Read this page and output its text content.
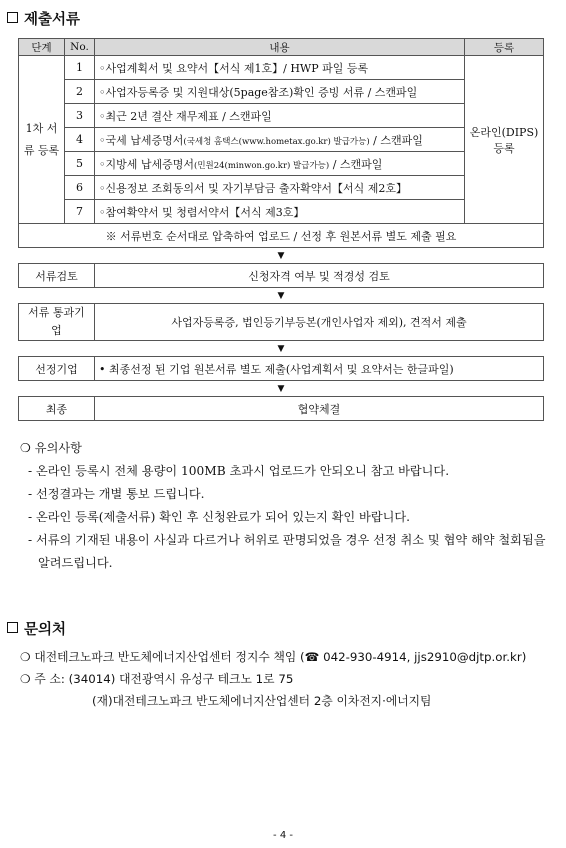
제출서류
단계	No.	내용	등록
1차 서류 등록	1	◦사업계획서 및 요약서【서식 제1호】/ HWP 파일 등록	온라인(DIPS) 등록
	2	◦사업자등록증 및 지원대상(5page참조)확인 증빙 서류 / 스캔파일	
	3	◦최근 2년 결산 재무제표 / 스캔파일	
	4	◦국세 납세증명서(국세청 홈택스(www.hometax.go.kr) 발급가능) / 스캔파일	
	5	◦지방세 납세증명서(민원24(minwon.go.kr) 발급가능) / 스캔파일	
	6	◦신용정보 조회동의서 및 자기부담금 출자확약서【서식 제2호】	
	7	◦참여확약서 및 청렴서약서【서식 제3호】	
※ 서류번호 순서대로 압축하여 업로드 / 선정 후 원본서류 별도 제출 필요			
▼			
서류검토		신청자격 여부 및 적경성 검토	
▼			
서류 통과기업		사업자등록증, 법인등기부등본(개인사업자 제외), 견적서 제출	
▼			
선정기업		• 최종선정 된 기업 원본서류 별도 제출(사업계획서 및 요약서는 한글파일)	
▼			
최종		협약체결	
❍ 유의사항
- 온라인 등록시 전체 용량이 100MB 초과시 업로드가 안되오니 참고 바랍니다.
- 선정결과는 개별 통보 드립니다.
- 온라인 등록(제출서류) 확인 후 신청완료가 되어 있는지 확인 바랍니다.
- 서류의 기재된 내용이 사실과 다르거나 허위로 판명되었을 경우 선정 취소 및 협약 해약 철회됨을 알려드립니다.
문의처
❍ 대전테크노파크 반도체에너지산업센터 정지수 책임 (☎ 042-930-4914, jjs2910@djtp.or.kr)
❍ 주 소: (34014) 대전광역시 유성구 테크노 1로 75
(재)대전테크노파크 반도체에너지산업센터 2층 이차전지·에너지팀
- 4 -
